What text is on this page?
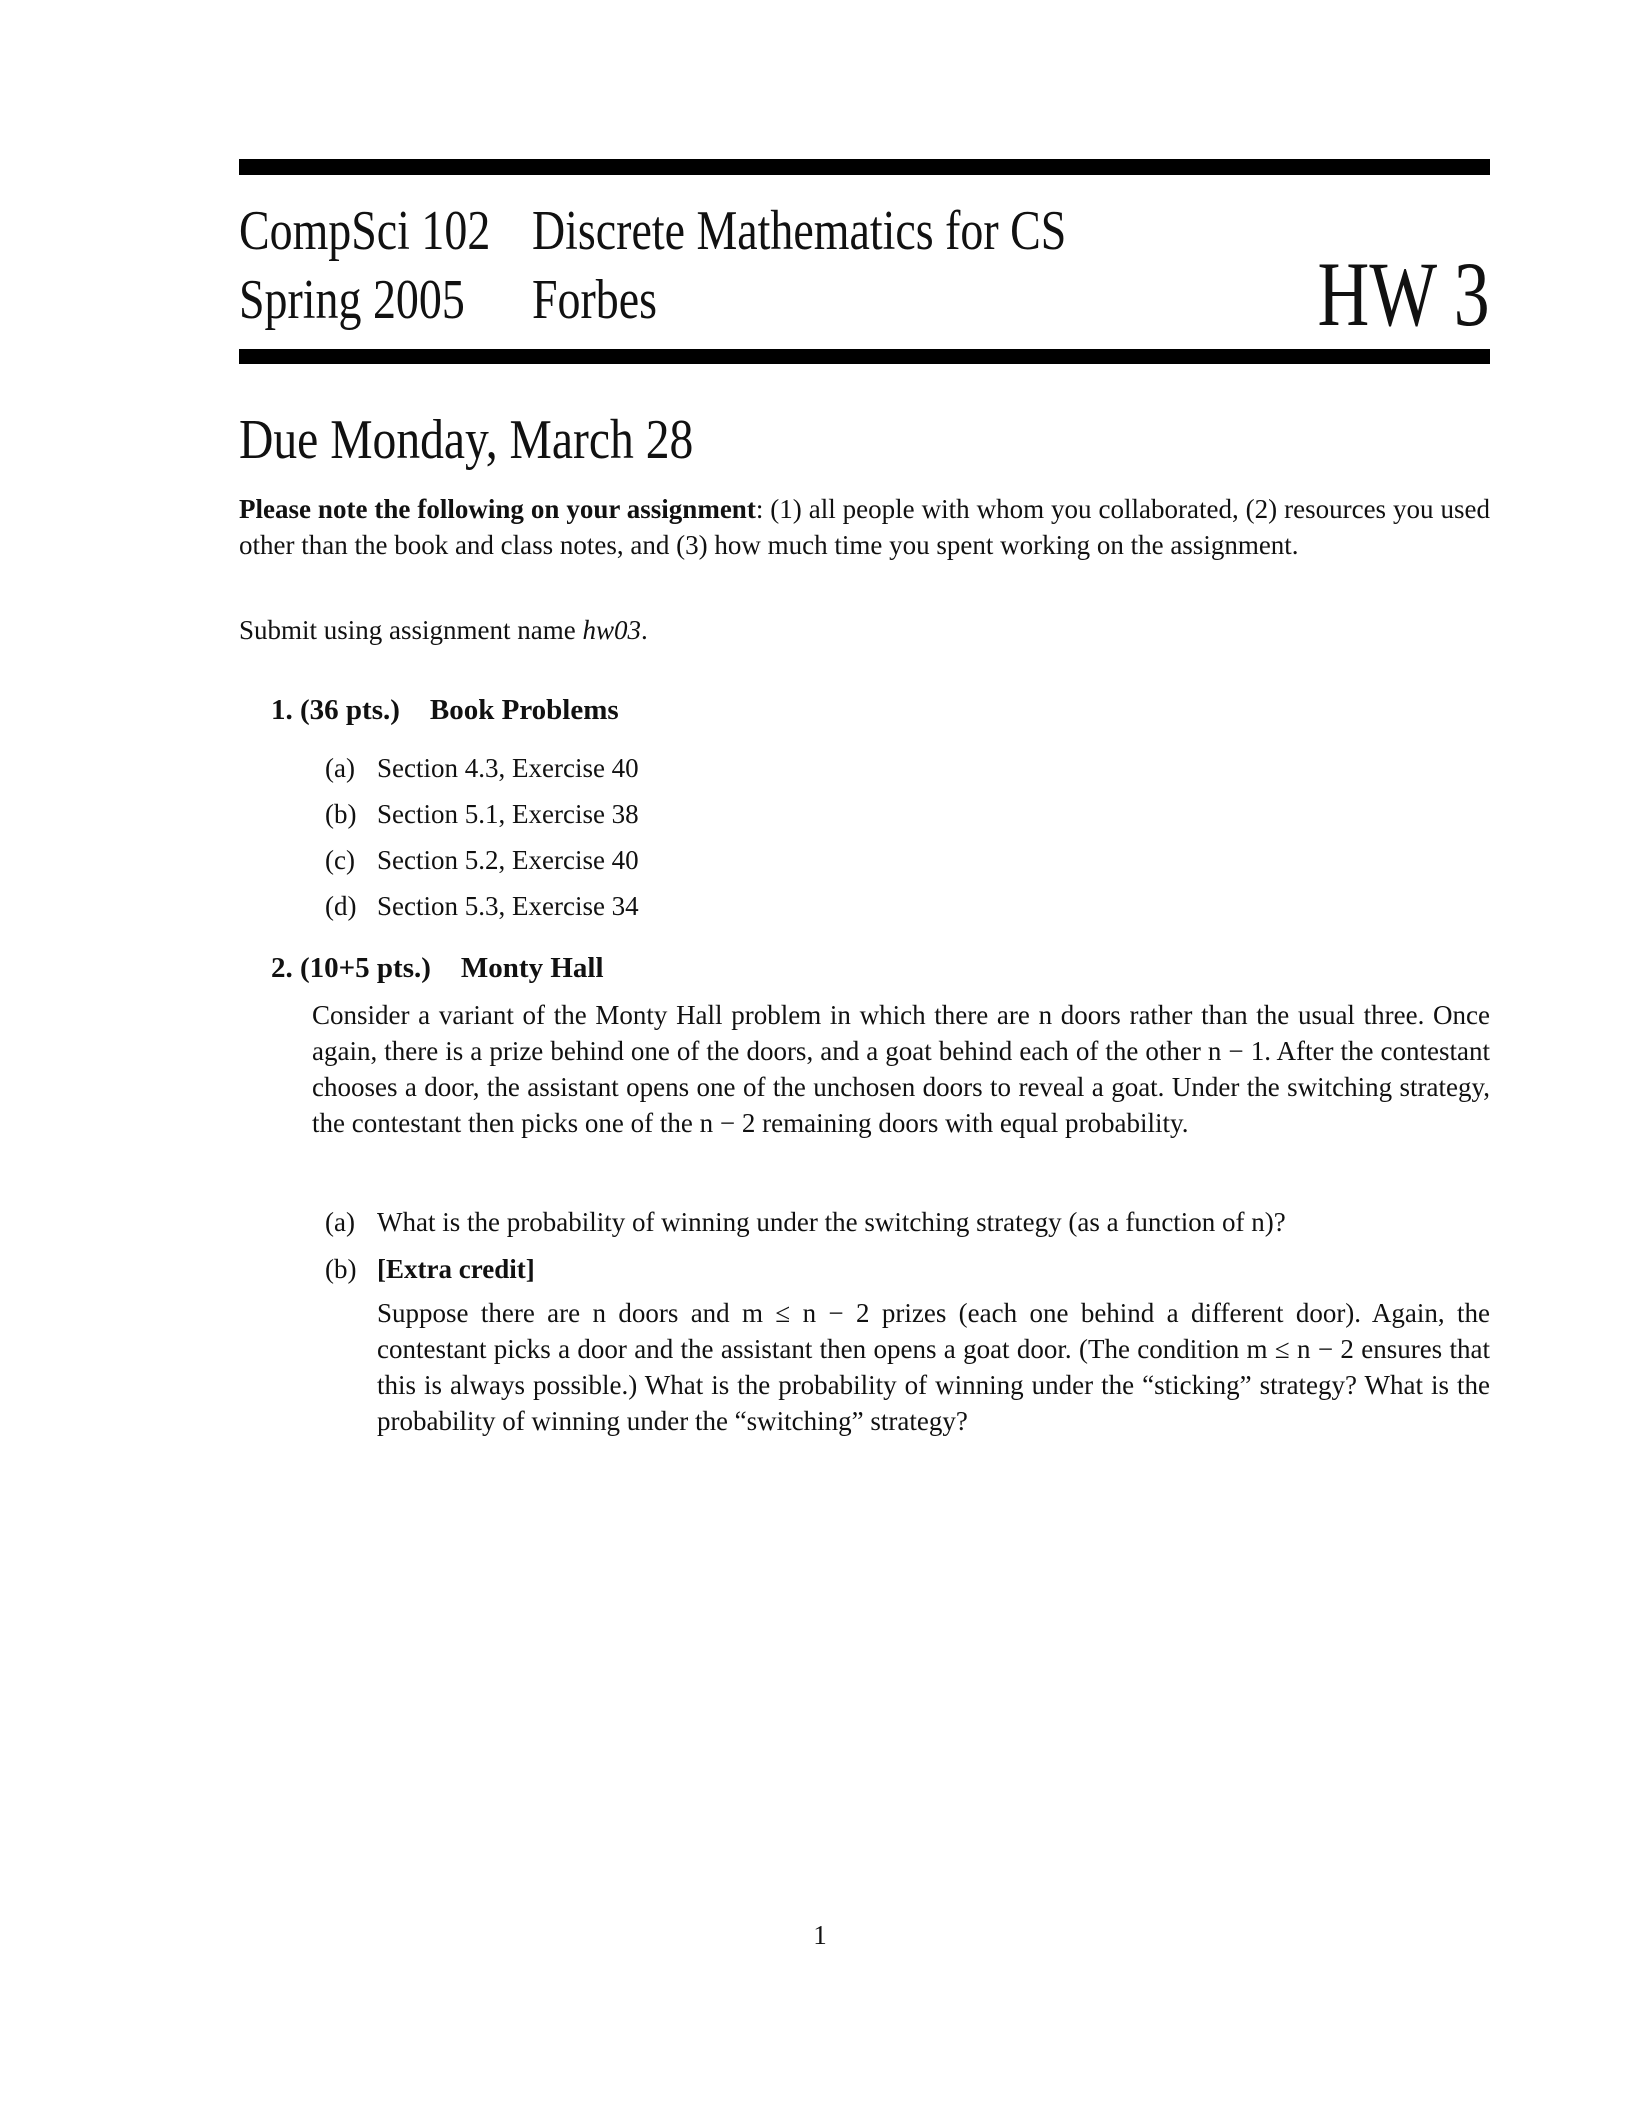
CompSci 102 Discrete Mathematics for CS
Spring 2005 Forbes	HW 3
Due Monday, March 28
Please note the following on your assignment: (1) all people with whom you collaborated, (2) resources you used other than the book and class notes, and (3) how much time you spent working on the assignment.
Submit using assignment name hw03.
1. (36 pts.) Book Problems
(a) Section 4.3, Exercise 40
(b) Section 5.1, Exercise 38
(c) Section 5.2, Exercise 40
(d) Section 5.3, Exercise 34
2. (10+5 pts.) Monty Hall
Consider a variant of the Monty Hall problem in which there are n doors rather than the usual three. Once again, there is a prize behind one of the doors, and a goat behind each of the other n − 1. After the contestant chooses a door, the assistant opens one of the unchosen doors to reveal a goat. Under the switching strategy, the contestant then picks one of the n − 2 remaining doors with equal probability.
(a) What is the probability of winning under the switching strategy (as a function of n)?
(b) [Extra credit]
Suppose there are n doors and m ≤ n − 2 prizes (each one behind a different door). Again, the contestant picks a door and the assistant then opens a goat door. (The condition m ≤ n − 2 ensures that this is always possible.) What is the probability of winning under the “sticking” strategy? What is the probability of winning under the “switching” strategy?
1
